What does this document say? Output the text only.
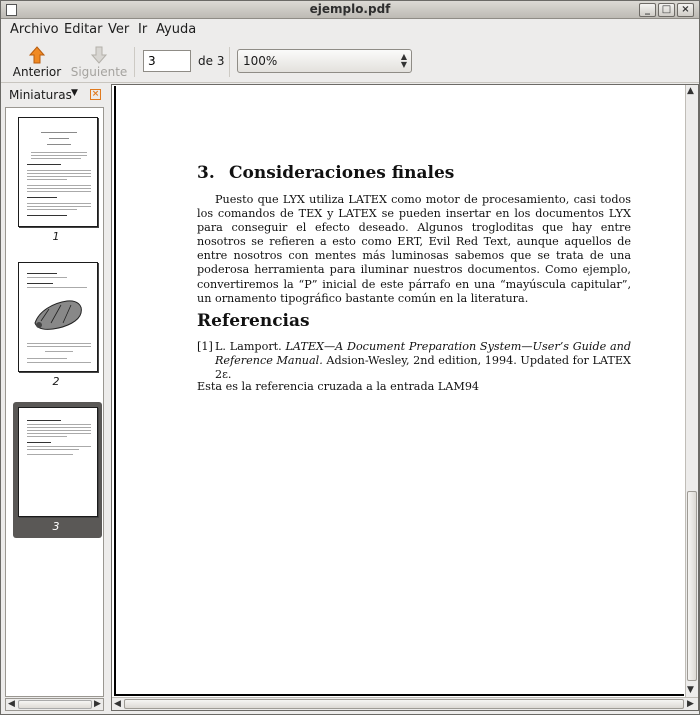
ejemplo.pdf	_	□	×
Archivo Editar Ver Ir Ayuda
Anterior Siguiente
3
de 3 100%	▲
▼
Miniaturas ▼ ×
1
2
3
◀	▶
3. Consideraciones finales
Puesto que LYX utiliza LATEX como motor de procesamiento, casi todos los comandos de TEX y LATEX se pueden insertar en los documentos LYX para conseguir el efecto deseado. Algunos trogloditas que hay entre nosotros se refieren a esto como ERT, Evil Red Text, aunque aquellos de entre nosotros con mentes más luminosas sabemos que se trata de una poderosa herramienta para iluminar nuestros documentos. Como ejemplo, convertiremos la “P” inicial de este párrafo en una “mayúscula capitular”, un ornamento tipográfico bastante común en la literatura.
Referencias
[1] L. Lamport. LATEX—A Document Preparation System—User’s Guide and Reference Manual. Adsion-Wesley, 2nd edition, 1994. Updated for LATEX 2ε.
Esta es la referencia cruzada a la entrada LAM94
▲
▼
◀	▶
